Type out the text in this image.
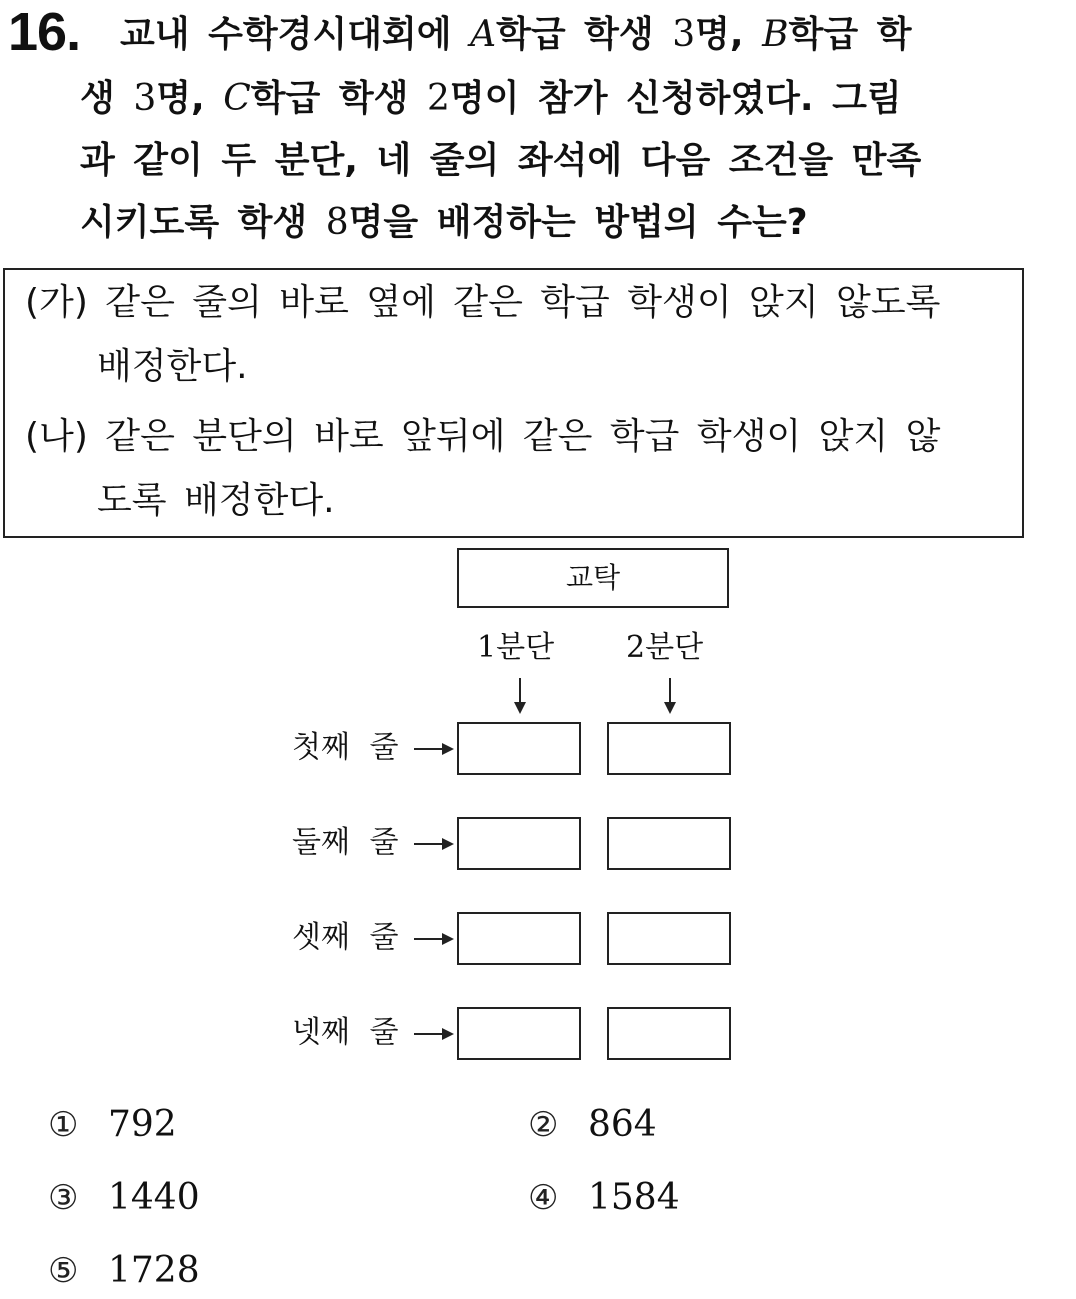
16. 교내 수학경시대회에 A학급 학생 3명, B학급 학
생 3명, C학급 학생 2명이 참가 신청하였다. 그림
과 같이 두 분단, 네 줄의 좌석에 다음 조건을 만족
시키도록 학생 8명을 배정하는 방법의 수는?
(가) 같은 줄의 바로 옆에 같은 학급 학생이 앉지 않도록
배정한다.
(나) 같은 분단의 바로 앞뒤에 같은 학급 학생이 앉지 않
도록 배정한다.
교탁
1분단 2분단
첫째 줄
둘째 줄
셋째 줄
넷째 줄
① 792	② 864
③ 1440	④ 1584
⑤ 1728
